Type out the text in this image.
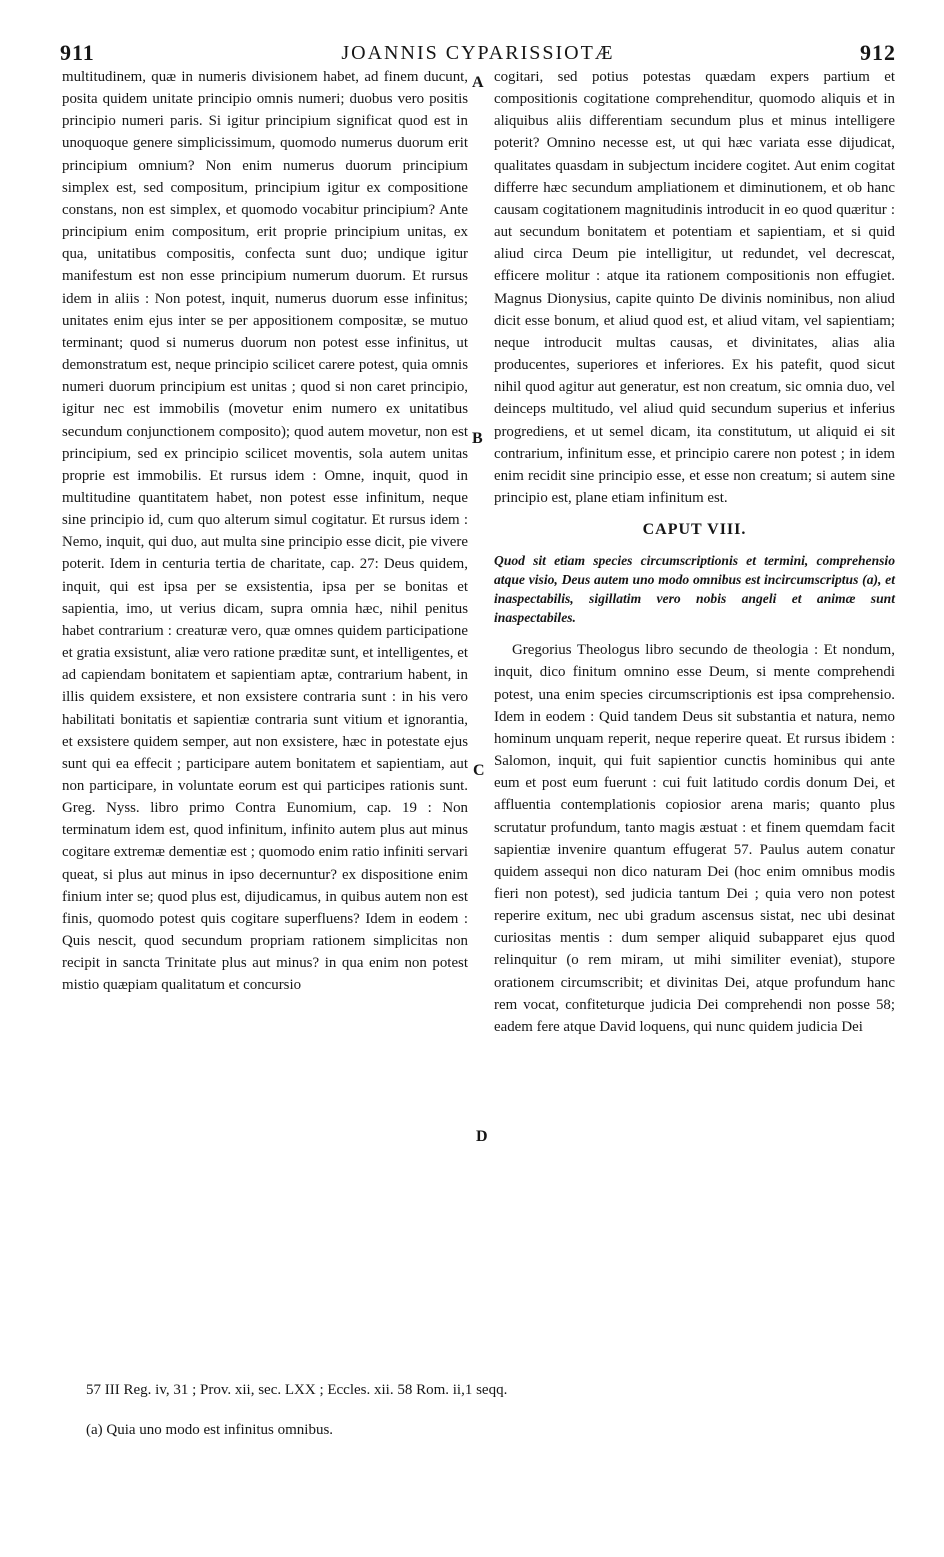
911	JOANNIS CYPARISSIOTÆ	912
A
B
C
D

multitudinem, quæ in numeris divisionem habet, ad finem ducunt, posita quidem unitate principio omnis numeri; duobus vero positis principio numeri paris. Si igitur principium significat quod est in unoquoque genere simplicissimum, quomodo numerus duorum erit principium omnium? Non enim numerus duorum principium simplex est, sed compositum, principium igitur ex compositione constans, non est simplex, et quomodo vocabitur principium? Ante principium enim compositum, erit proprie principium unitas, ex qua, unitatibus compositis, confecta sunt duo; undique igitur manifestum est non esse principium numerum duorum. Et rursus idem in aliis : Non potest, inquit, numerus duorum esse infinitus; unitates enim ejus inter se per appositionem compositæ, se mutuo terminant; quod si numerus duorum non potest esse infinitus, ut demonstratum est, neque principio scilicet carere potest, quia omnis numeri duorum principium est unitas ; quod si non caret principio, igitur nec est immobilis (movetur enim numero ex unitatibus secundum conjunctionem composito); quod autem movetur, non est principium, sed ex principio scilicet moventis, sola autem unitas proprie est immobilis. Et rursus idem : Omne, inquit, quod in multitudine quantitatem habet, non potest esse infinitum, neque sine principio id, cum quo alterum simul cogitatur. Et rursus idem : Nemo, inquit, qui duo, aut multa sine principio esse dicit, pie vivere poterit. Idem in centuria tertia de charitate, cap. 27: Deus quidem, inquit, qui est ipsa per se exsistentia, ipsa per se bonitas et sapientia, imo, ut verius dicam, supra omnia hæc, nihil penitus habet contrarium : creaturæ vero, quæ omnes quidem participatione et gratia exsistunt, aliæ vero ratione præditæ sunt, et intelligentes, et ad capiendam bonitatem et sapientiam aptæ, contrarium habent, in illis quidem exsistere, et non exsistere contraria sunt : in his vero habilitati bonitatis et sapientiæ contraria sunt vitium et ignorantia, et exsistere quidem semper, aut non exsistere, hæc in potestate ejus sunt qui ea effecit ; participare autem bonitatem et sapientiam, aut non participare, in voluntate eorum est qui participes rationis sunt. Greg. Nyss. libro primo Contra Eunomium, cap. 19 : Non terminatum idem est, quod infinitum, infinito autem plus aut minus cogitare extremæ dementiæ est ; quomodo enim ratio infiniti servari queat, si plus aut minus in ipso decernuntur? ex dispositione enim finium inter se; quod plus est, dijudicamus, in quibus autem non est finis, quomodo potest quis cogitare superfluens? Idem in eodem : Quis nescit, quod secundum propriam rationem simplicitas non recipit in sancta Trinitate plus aut minus? in qua enim non potest mistio quæpiam qualitatum et concursio

cogitari, sed potius potestas quædam expers partium et compositionis cogitatione comprehenditur, quomodo aliquis et in aliquibus aliis differentiam secundum plus et minus intelligere poterit? Omnino necesse est, ut qui hæc variata esse dijudicat, qualitates quasdam in subjectum incidere cogitet. Aut enim cogitat differre hæc secundum ampliationem et diminutionem, et ob hanc causam cogitationem magnitudinis introducit in eo quod quæritur : aut secundum bonitatem et potentiam et sapientiam, et si quid aliud circa Deum pie intelligitur, ut redundet, vel decrescat, efficere molitur : atque ita rationem compositionis non effugiet. Magnus Dionysius, capite quinto De divinis nominibus, non aliud dicit esse bonum, et aliud quod est, et aliud vitam, vel sapientiam; neque introducit multas causas, et divinitates, alias alia producentes, superiores et inferiores. Ex his patefit, quod sicut nihil quod agitur aut generatur, est non creatum, sic omnia duo, vel deinceps multitudo, vel aliud quid secundum superius et inferius progrediens, et ut semel dicam, ita constitutum, ut aliquid ei sit contrarium, infinitum esse, et principio carere non potest ; in idem enim recidit sine principio esse, et esse non creatum; si autem sine principio est, plane etiam infinitum est.

CAPUT VIII.

Quod sit etiam species circumscriptionis et termini, comprehensio atque visio, Deus autem uno modo omnibus est incircumscriptus (a), et inaspectabilis, sigillatim vero nobis angeli et animæ sunt inaspectabiles.

Gregorius Theologus libro secundo de theologia : Et nondum, inquit, dico finitum omnino esse Deum, si mente comprehendi potest, una enim species circumscriptionis est ipsa comprehensio. Idem in eodem : Quid tandem Deus sit substantia et natura, nemo hominum unquam reperit, neque reperire queat. Et rursus ibidem : Salomon, inquit, qui fuit sapientior cunctis hominibus qui ante eum et post eum fuerunt : cui fuit latitudo cordis donum Dei, et affluentia contemplationis copiosior arena maris; quanto plus scrutatur profundum, tanto magis æstuat : et finem quemdam facit sapientiæ invenire quantum effugerat 57. Paulus autem conatur quidem assequi non dico naturam Dei (hoc enim omnibus modis fieri non potest), sed judicia tantum Dei ; quia vero non potest reperire exitum, nec ubi gradum ascensus sistat, nec ubi desinat curiositas mentis : dum semper aliquid subapparet ejus quod relinquitur (o rem miram, ut mihi similiter eveniat), stupore orationem circumscribit; et divinitas Dei, atque profundum hanc rem vocat, confiteturque judicia Dei comprehendi non posse 58; eadem fere atque David loquens, qui nunc quidem judicia Dei

57 III Reg. iv, 31 ; Prov. xii, sec. LXX ; Eccles. xii. 58 Rom. ii,1 seqq.

(a) Quia uno modo est infinitus omnibus.
